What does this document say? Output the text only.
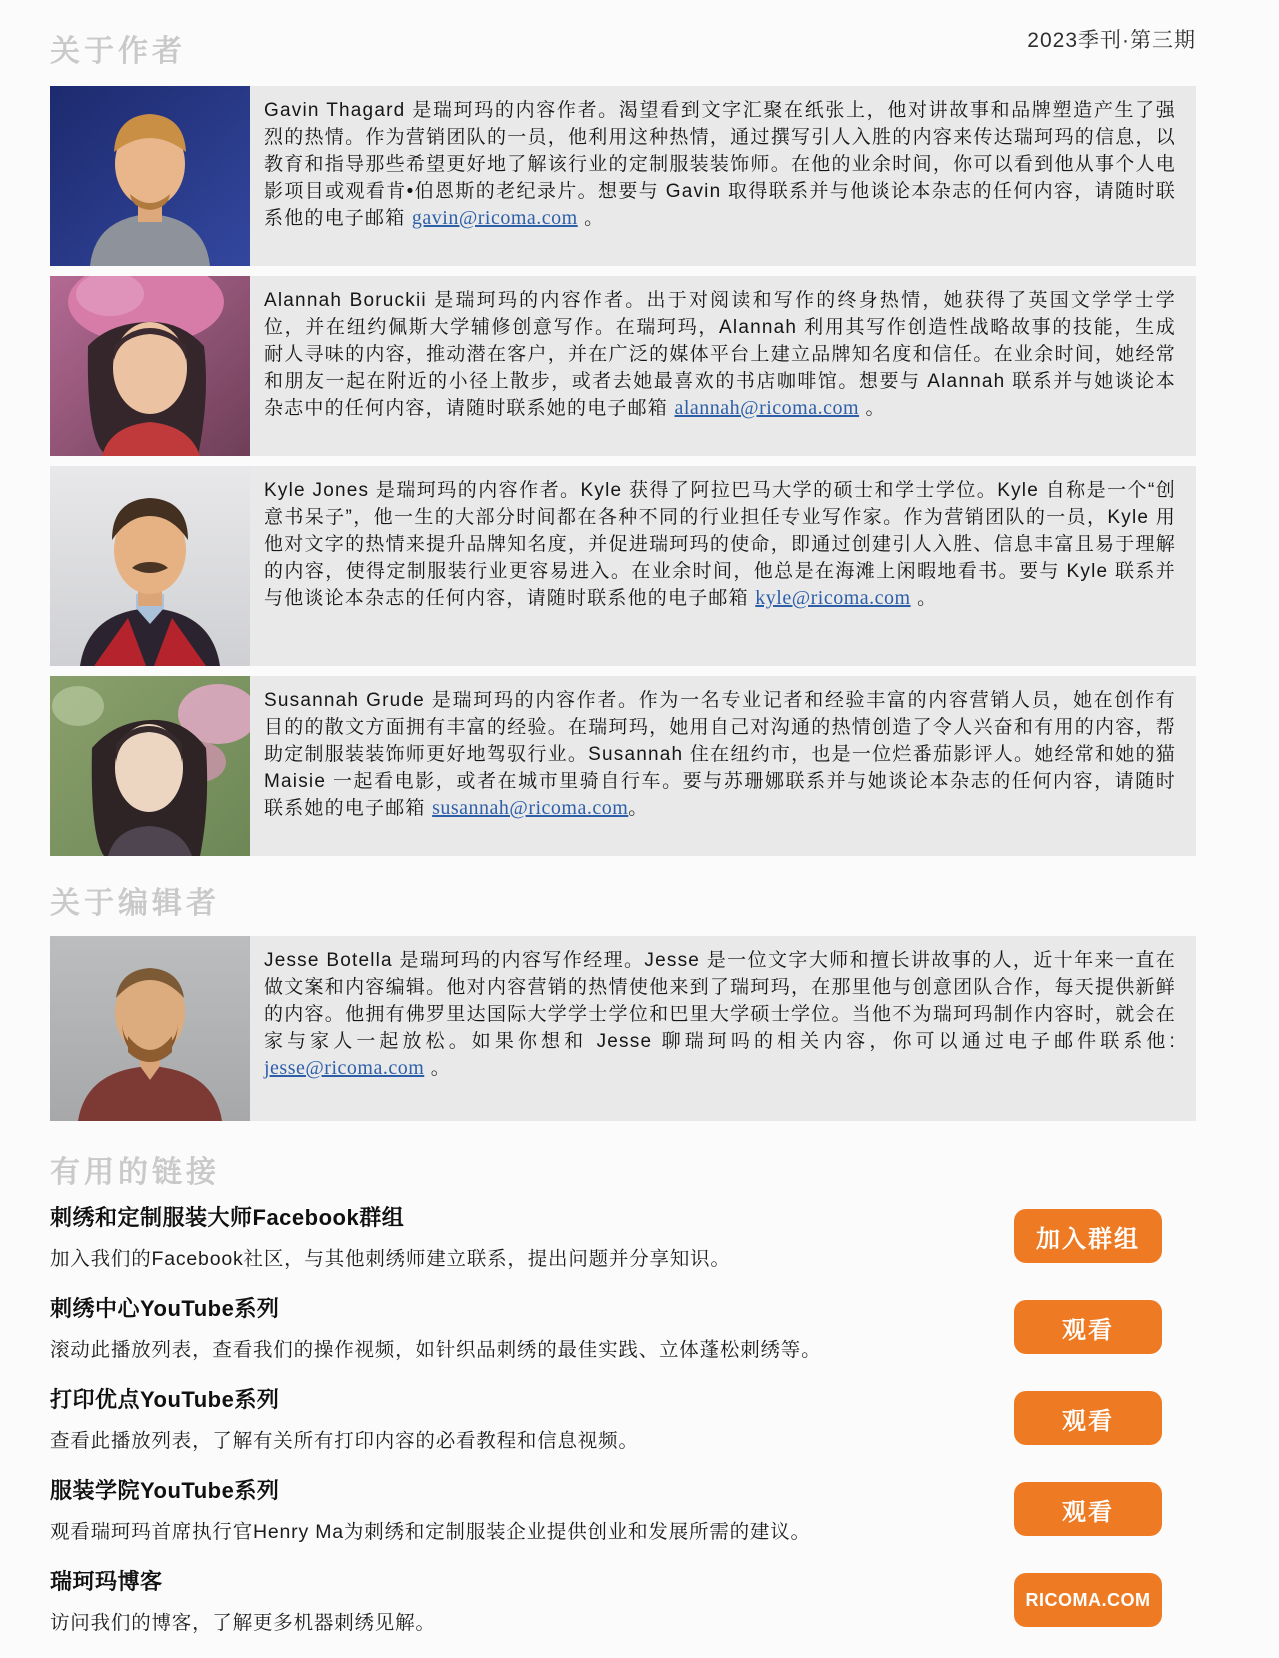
关于作者	2023季刊·第三期
Gavin Thagard 是瑞珂玛的内容作者。渴望看到文字汇聚在纸张上，他对讲故事和品牌塑造产生了强烈的热情。作为营销团队的一员，他利用这种热情，通过撰写引人入胜的内容来传达瑞珂玛的信息，以教育和指导那些希望更好地了解该行业的定制服装装饰师。在他的业余时间，你可以看到他从事个人电影项目或观看肯•伯恩斯的老纪录片。想要与 Gavin 取得联系并与他谈论本杂志的任何内容，请随时联系他的电子邮箱 gavin@ricoma.com 。
Alannah Boruckii 是瑞珂玛的内容作者。出于对阅读和写作的终身热情，她获得了英国文学学士学位，并在纽约佩斯大学辅修创意写作。在瑞珂玛，Alannah 利用其写作创造性战略故事的技能，生成耐人寻味的内容，推动潜在客户，并在广泛的媒体平台上建立品牌知名度和信任。在业余时间，她经常和朋友一起在附近的小径上散步，或者去她最喜欢的书店咖啡馆。想要与 Alannah 联系并与她谈论本杂志中的任何内容，请随时联系她的电子邮箱 alannah@ricoma.com 。
Kyle Jones 是瑞珂玛的内容作者。Kyle 获得了阿拉巴马大学的硕士和学士学位。Kyle 自称是一个“创意书呆子”，他一生的大部分时间都在各种不同的行业担任专业写作家。作为营销团队的一员，Kyle 用他对文字的热情来提升品牌知名度，并促进瑞珂玛的使命，即通过创建引人入胜、信息丰富且易于理解的内容，使得定制服装行业更容易进入。在业余时间，他总是在海滩上闲暇地看书。要与 Kyle 联系并与他谈论本杂志的任何内容，请随时联系他的电子邮箱 kyle@ricoma.com 。
Susannah Grude 是瑞珂玛的内容作者。作为一名专业记者和经验丰富的内容营销人员，她在创作有目的的散文方面拥有丰富的经验。在瑞珂玛，她用自己对沟通的热情创造了令人兴奋和有用的内容，帮助定制服装装饰师更好地驾驭行业。Susannah 住在纽约市，也是一位烂番茄影评人。她经常和她的猫 Maisie 一起看电影，或者在城市里骑自行车。要与苏珊娜联系并与她谈论本杂志的任何内容，请随时联系她的电子邮箱 susannah@ricoma.com。
关于编辑者
Jesse Botella 是瑞珂玛的内容写作经理。Jesse 是一位文字大师和擅长讲故事的人，近十年来一直在做文案和内容编辑。他对内容营销的热情使他来到了瑞珂玛，在那里他与创意团队合作，每天提供新鲜的内容。他拥有佛罗里达国际大学学士学位和巴里大学硕士学位。当他不为瑞珂玛制作内容时，就会在家与家人一起放松。如果你想和 Jesse 聊瑞珂吗的相关内容，你可以通过电子邮件联系他: jesse@ricoma.com 。
有用的链接
刺绣和定制服装大师Facebook群组
加入我们的Facebook社区，与其他刺绣师建立联系，提出问题并分享知识。
加入群组
刺绣中心YouTube系列
滚动此播放列表，查看我们的操作视频，如针织品刺绣的最佳实践、立体蓬松刺绣等。
观看
打印优点YouTube系列
查看此播放列表，了解有关所有打印内容的必看教程和信息视频。
观看
服装学院YouTube系列
观看瑞珂玛首席执行官Henry Ma为刺绣和定制服装企业提供创业和发展所需的建议。
观看
瑞珂玛博客
访问我们的博客，了解更多机器刺绣见解。
RICOMA.COM
